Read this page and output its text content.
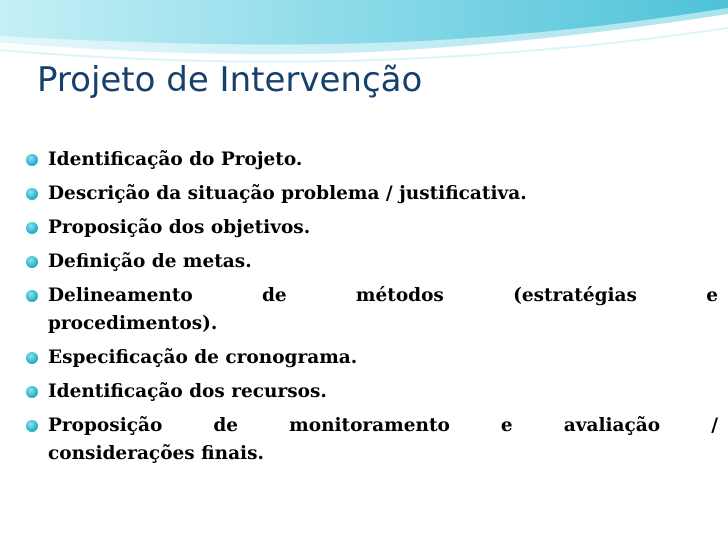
Projeto de Intervenção
Identificação do Projeto.
Descrição da situação problema / justificativa.
Proposição dos objetivos.
Definição de metas.
Delineamento	de	métodos	(estratégias	e
procedimentos).
Especificação de cronograma.
Identificação dos recursos.
Proposição	de	monitoramento	e	avaliação	/
considerações finais.
